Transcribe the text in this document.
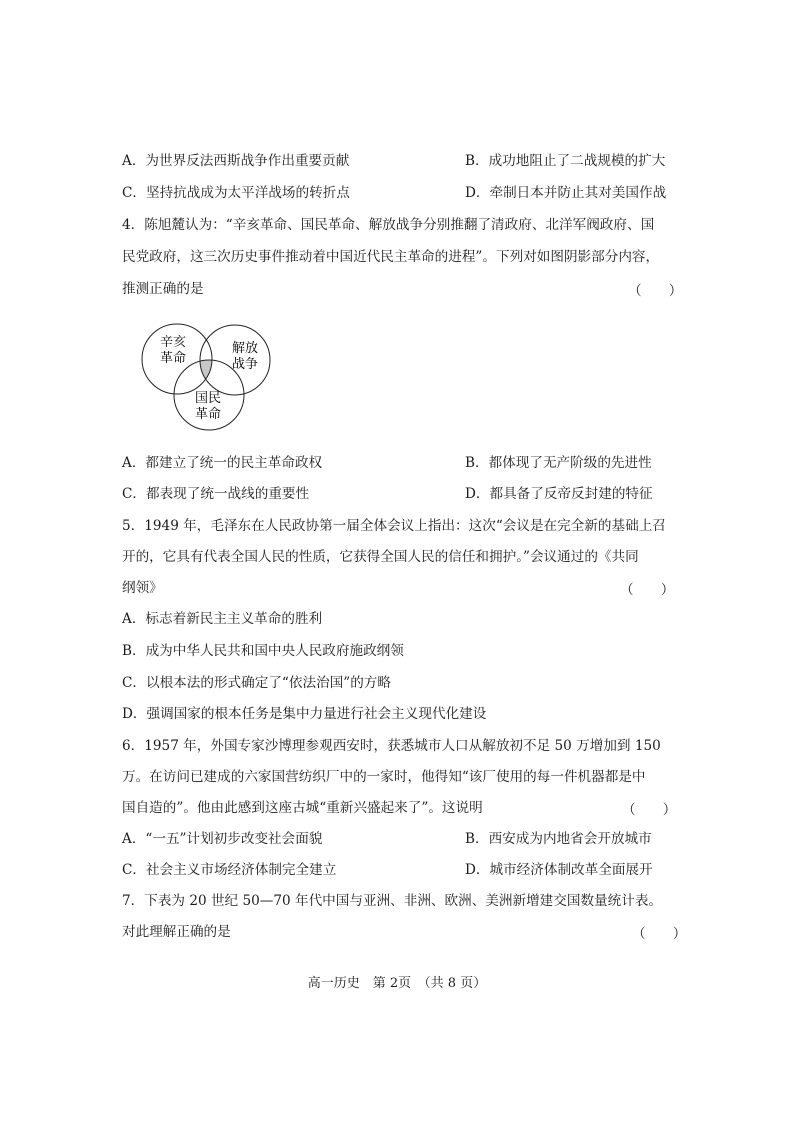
A．为世界反法西斯战争作出重要贡献	B．成功地阻止了二战规模的扩大
C．坚持抗战成为太平洋战场的转折点	D．牵制日本并防止其对美国作战
4．陈旭麓认为：“辛亥革命、国民革命、解放战争分别推翻了清政府、北洋军阀政府、国
民党政府，这三次历史事件推动着中国近代民主革命的进程”。下列对如图阴影部分内容，
推测正确的是	（　　）
辛亥
革命
解放
战争
国民
革命
A．都建立了统一的民主革命政权	B．都体现了无产阶级的先进性
C．都表现了统一战线的重要性	D．都具备了反帝反封建的特征
5．1949 年，毛泽东在人民政协第一届全体会议上指出：这次“会议是在完全新的基础上召
开的，它具有代表全国人民的性质，它获得全国人民的信任和拥护。”会议通过的《共同
纲领》	（　　）
A．标志着新民主主义革命的胜利
B．成为中华人民共和国中央人民政府施政纲领
C．以根本法的形式确定了“依法治国”的方略
D．强调国家的根本任务是集中力量进行社会主义现代化建设
6．1957 年，外国专家沙博理参观西安时，获悉城市人口从解放初不足 50 万增加到 150
万。在访问已建成的六家国营纺织厂中的一家时，他得知“该厂使用的每一件机器都是中
国自造的”。他由此感到这座古城“重新兴盛起来了”。这说明	（　　）
A．“一五”计划初步改变社会面貌	B．西安成为内地省会开放城市
C．社会主义市场经济体制完全建立	D．城市经济体制改革全面展开
7．下表为 20 世纪 50—70 年代中国与亚洲、非洲、欧洲、美洲新增建交国数量统计表。
对此理解正确的是	（　　）
高一历史　第 2页　（共 8 页）
